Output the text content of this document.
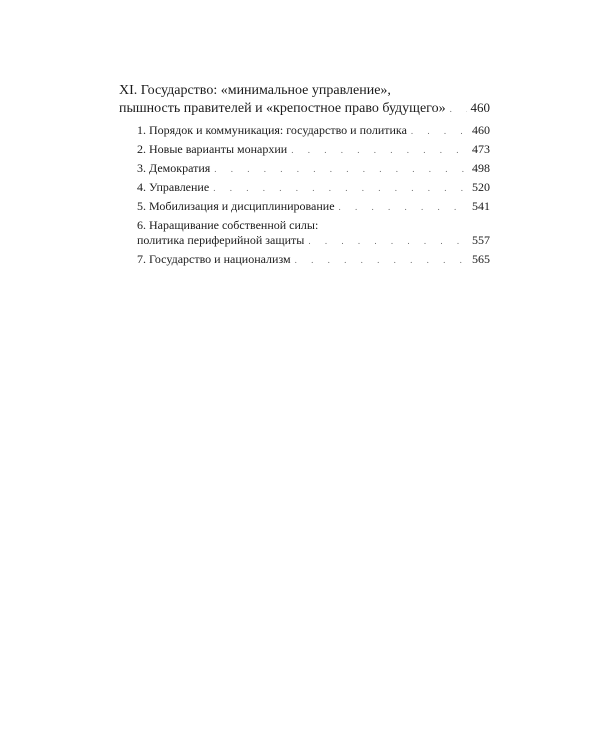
XI. Государство: «минимальное управление»,
пышность правителей и «крепостное право будущего» . . . 460
1. Порядок и коммуникация: государство и политика . . .	460
2. Новые варианты монархии . . .	473
3. Демократия . . .	498
4. Управление . . .	520
5. Мобилизация и дисциплинирование . . .	541
6. Наращивание собственной силы:
политика периферийной защиты . . .	557
7. Государство и национализм . . .	565
